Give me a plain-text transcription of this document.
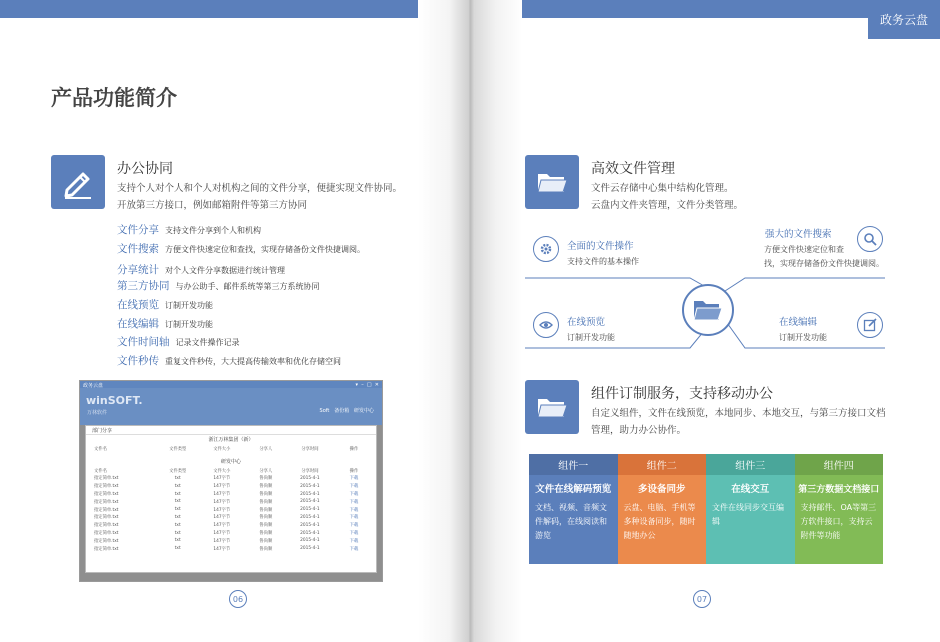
产品功能简介
办公协同
支持个人对个人和个人对机构之间的文件分享，便捷实现文件协同。
开放第三方接口，例如邮箱附件等第三方协同
文件分享 支持文件分享到个人和机构
文件搜索 方便文件快速定位和查找，实现存储备份文件快捷调阅。
分享统计 对个人文件分享数据进行统计管理
第三方协同 与办公助手、邮件系统等第三方系统协同
在线预览 订制开发功能
在线编辑 订制开发功能
文件时间轴 记录文件操作记录
文件秒传 重复文件秒传，大大提高传输效率和优化存储空间
政务云盘	▾  –  □  ✕
winSOFT.
万林软件	Soft 备份箱 研发中心
部门分享
浙江万林集团（新）
文件名	文件类型	文件大小	分享人	分享时间	操作
研发中心
文件名	文件类型	文件大小	分享人	分享时间	操作
指定简单.txt	txt	147字节	鲁尚顺	2015-4-1	下载
指定简单.txt	txt	147字节	鲁尚顺	2015-4-1	下载
指定简单.txt	txt	147字节	鲁尚顺	2015-4-1	下载
指定简单.txt	txt	147字节	鲁尚顺	2015-4-1	下载
指定简单.txt	txt	147字节	鲁尚顺	2015-4-1	下载
指定简单.txt	txt	147字节	鲁尚顺	2015-4-1	下载
指定简单.txt	txt	147字节	鲁尚顺	2015-4-1	下载
指定简单.txt	txt	147字节	鲁尚顺	2015-4-1	下载
指定简单.txt	txt	147字节	鲁尚顺	2015-4-1	下载
指定简单.txt	txt	147字节	鲁尚顺	2015-4-1	下载
06
政务云盘
高效文件管理
文件云存储中心集中结构化管理。
云盘内文件夹管理，文件分类管理。
全面的文件操作
支持文件的基本操作
强大的文件搜索
方便文件快速定位和查
找，实现存储备份文件快捷调阅。
在线预览
订制开发功能
在线编辑
订制开发功能
组件订制服务，支持移动办公
自定义组件，文件在线预览，本地同步、本地交互，与第三方接口文档
管理，助力办公协作。
07
组件一
文件在线解码预览
文档、视频、音频文件解码，在线阅读和游览
组件二
多设备同步
云盘、电脑、手机等多种设备同步，随时随地办公
组件三
在线交互
文件在线同步交互编辑
组件四
第三方数据文档接口
支持邮件、OA等第三方软件接口，支持云附件等功能
